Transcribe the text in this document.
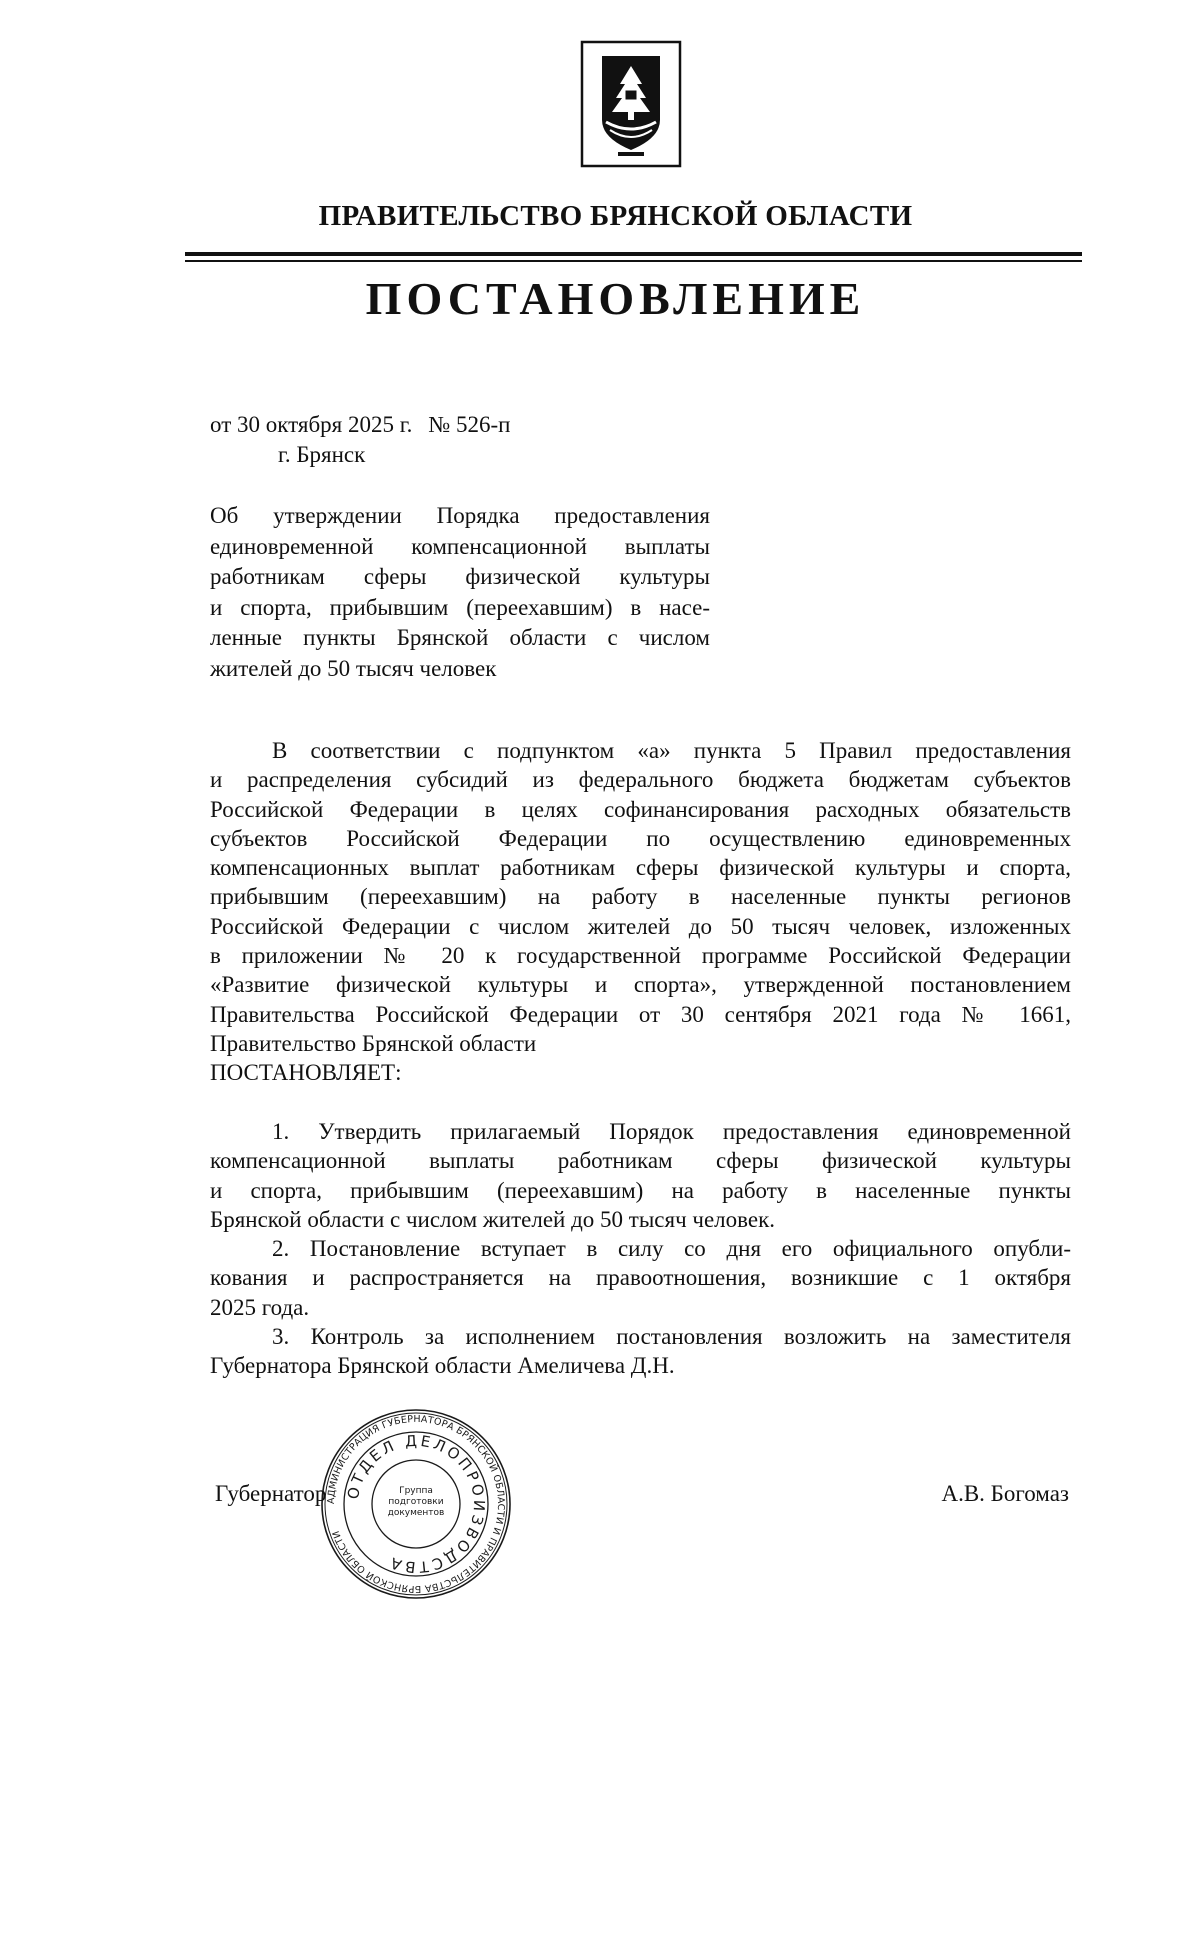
ПРАВИТЕЛЬСТВО БРЯНСКОЙ ОБЛАСТИ
ПОСТАНОВЛЕНИЕ
от 30 октября 2025 г. № 526-п
г. Брянск
Об утверждении Порядка предоставления
единовременной компенсационной выплаты
работникам сферы физической культуры
и спорта, прибывшим (переехавшим) в насе-
ленные пункты Брянской области с числом
жителей до 50 тысяч человек
В соответствии с подпунктом «а» пункта 5 Правил предоставления
и распределения субсидий из федерального бюджета бюджетам субъектов
Российской Федерации в целях софинансирования расходных обязательств
субъектов Российской Федерации по осуществлению единовременных
компенсационных выплат работникам сферы физической культуры и спорта,
прибывшим (переехавшим) на работу в населенные пункты регионов
Российской Федерации с числом жителей до 50 тысяч человек, изложенных
в приложении № 20 к государственной программе Российской Федерации
«Развитие физической культуры и спорта», утвержденной постановлением
Правительства Российской Федерации от 30 сентября 2021 года № 1661,
Правительство Брянской области
ПОСТАНОВЛЯЕТ:
1. Утвердить прилагаемый Порядок предоставления единовременной
компенсационной выплаты работникам сферы физической культуры
и спорта, прибывшим (переехавшим) на работу в населенные пункты
Брянской области с числом жителей до 50 тысяч человек.
2. Постановление вступает в силу со дня его официального опубли-
кования и распространяется на правоотношения, возникшие с 1 октября
2025 года.
3. Контроль за исполнением постановления возложить на заместителя
Губернатора Брянской области Амеличева Д.Н.
АДМИНИСТРАЦИЯ ГУБЕРНАТОРА БРЯНСКОЙ ОБЛАСТИ И ПРАВИТЕЛЬСТВА БРЯНСКОЙ ОБЛАСТИ
ОТДЕЛ ДЕЛОПРОИЗВОДСТВА
Группа подготовки документов
Губернатор	А.В. Богомаз
